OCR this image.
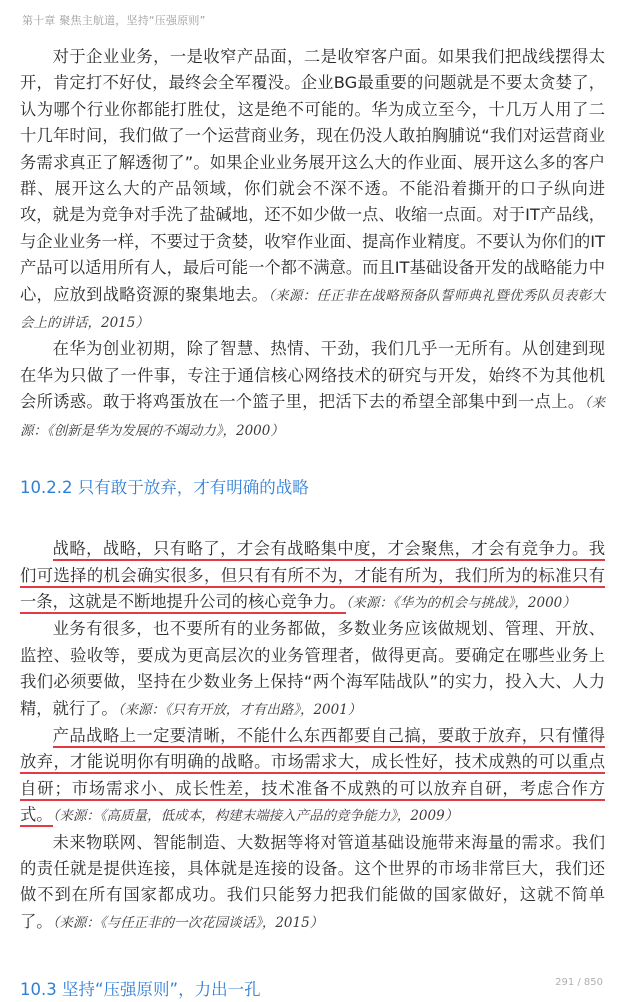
第十章 聚焦主航道，坚持“压强原则”

对于企业业务，一是收窄产品面，二是收窄客户面。如果我们把战线摆得太开，肯定打不好仗，最终会全军覆没。企业BG最重要的问题就是不要太贪婪了，认为哪个行业你都能打胜仗，这是绝不可能的。华为成立至今，十几万人用了二十几年时间，我们做了一个运营商业务，现在仍没人敢拍胸脯说“我们对运营商业务需求真正了解透彻了”。如果企业业务展开这么大的作业面、展开这么多的客户群、展开这么大的产品领域，你们就会不深不透。不能沿着撕开的口子纵向进攻，就是为竞争对手洗了盐碱地，还不如少做一点、收缩一点面。对于IT产品线，与企业业务一样，不要过于贪婪，收窄作业面、提高作业精度。不要认为你们的IT产品可以适用所有人，最后可能一个都不满意。而且IT基础设备开发的战略能力中心，应放到战略资源的聚集地去。（来源：任正非在战略预备队誓师典礼暨优秀队员表彰大会上的讲话，2015）

在华为创业初期，除了智慧、热情、干劲，我们几乎一无所有。从创建到现在华为只做了一件事，专注于通信核心网络技术的研究与开发，始终不为其他机会所诱惑。敢于将鸡蛋放在一个篮子里，把活下去的希望全部集中到一点上。（来源：《创新是华为发展的不竭动力》，2000）

10.2.2 只有敢于放弃，才有明确的战略

战略，战略，只有略了，才会有战略集中度，才会聚焦，才会有竞争力。我们可选择的机会确实很多，但只有有所不为，才能有所为，我们所为的标准只有一条，这就是不断地提升公司的核心竞争力。（来源：《华为的机会与挑战》，2000）

业务有很多，也不要所有的业务都做，多数业务应该做规划、管理、开放、监控、验收等，要成为更高层次的业务管理者，做得更高。要确定在哪些业务上我们必须要做，坚持在少数业务上保持“两个海军陆战队”的实力，投入大、人力精，就行了。（来源：《只有开放，才有出路》，2001）

产品战略上一定要清晰，不能什么东西都要自己搞，要敢于放弃，只有懂得放弃，才能说明你有明确的战略。市场需求大，成长性好，技术成熟的可以重点自研；市场需求小、成长性差，技术准备不成熟的可以放弃自研，考虑合作方式。（来源：《高质量，低成本，构建末端接入产品的竞争能力》，2009）

未来物联网、智能制造、大数据等将对管道基础设施带来海量的需求。我们的责任就是提供连接，具体就是连接的设备。这个世界的市场非常巨大，我们还做不到在所有国家都成功。我们只能努力把我们能做的国家做好，这就不简单了。（来源：《与任正非的一次花园谈话》，2015）

10.3 坚持“压强原则”，力出一孔	291 / 850
